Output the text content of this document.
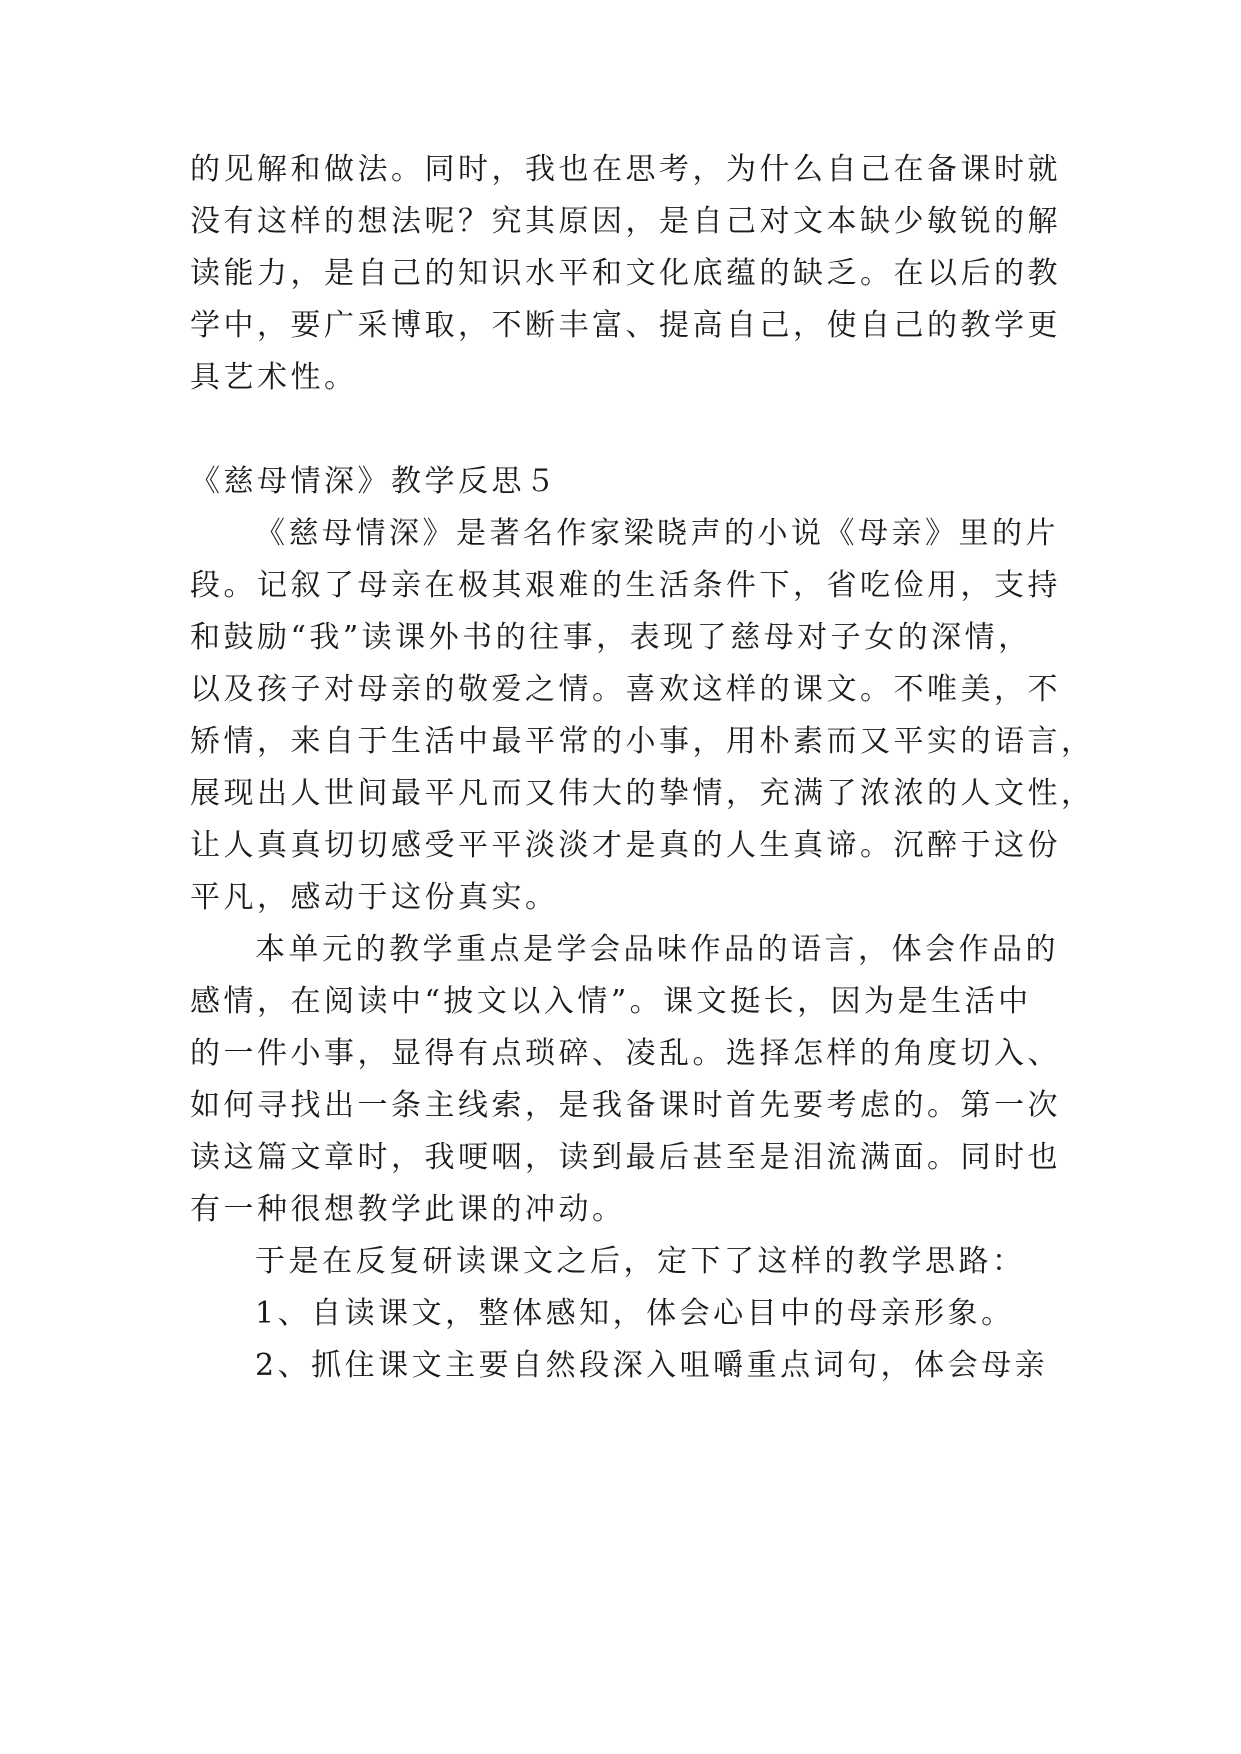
的见解和做法。同时，我也在思考，为什么自己在备课时就
没有这样的想法呢？究其原因，是自己对文本缺少敏锐的解
读能力，是自己的知识水平和文化底蕴的缺乏。在以后的教
学中，要广采博取，不断丰富、提高自己，使自己的教学更
具艺术性。
《慈母情深》教学反思５
《慈母情深》是著名作家梁晓声的小说《母亲》里的片
段。记叙了母亲在极其艰难的生活条件下，省吃俭用，支持
和鼓励“我”读课外书的往事，表现了慈母对子女的深情，
以及孩子对母亲的敬爱之情。喜欢这样的课文。不唯美，不
矫情，来自于生活中最平常的小事，用朴素而又平实的语言，
展现出人世间最平凡而又伟大的挚情，充满了浓浓的人文性，
让人真真切切感受平平淡淡才是真的人生真谛。沉醉于这份
平凡，感动于这份真实。
本单元的教学重点是学会品味作品的语言，体会作品的
感情，在阅读中“披文以入情”。课文挺长，因为是生活中
的一件小事，显得有点琐碎、凌乱。选择怎样的角度切入、
如何寻找出一条主线索，是我备课时首先要考虑的。第一次
读这篇文章时，我哽咽，读到最后甚至是泪流满面。同时也
有一种很想教学此课的冲动。
于是在反复研读课文之后，定下了这样的教学思路：
1、自读课文，整体感知，体会心目中的母亲形象。
2、抓住课文主要自然段深入咀嚼重点词句，体会母亲
